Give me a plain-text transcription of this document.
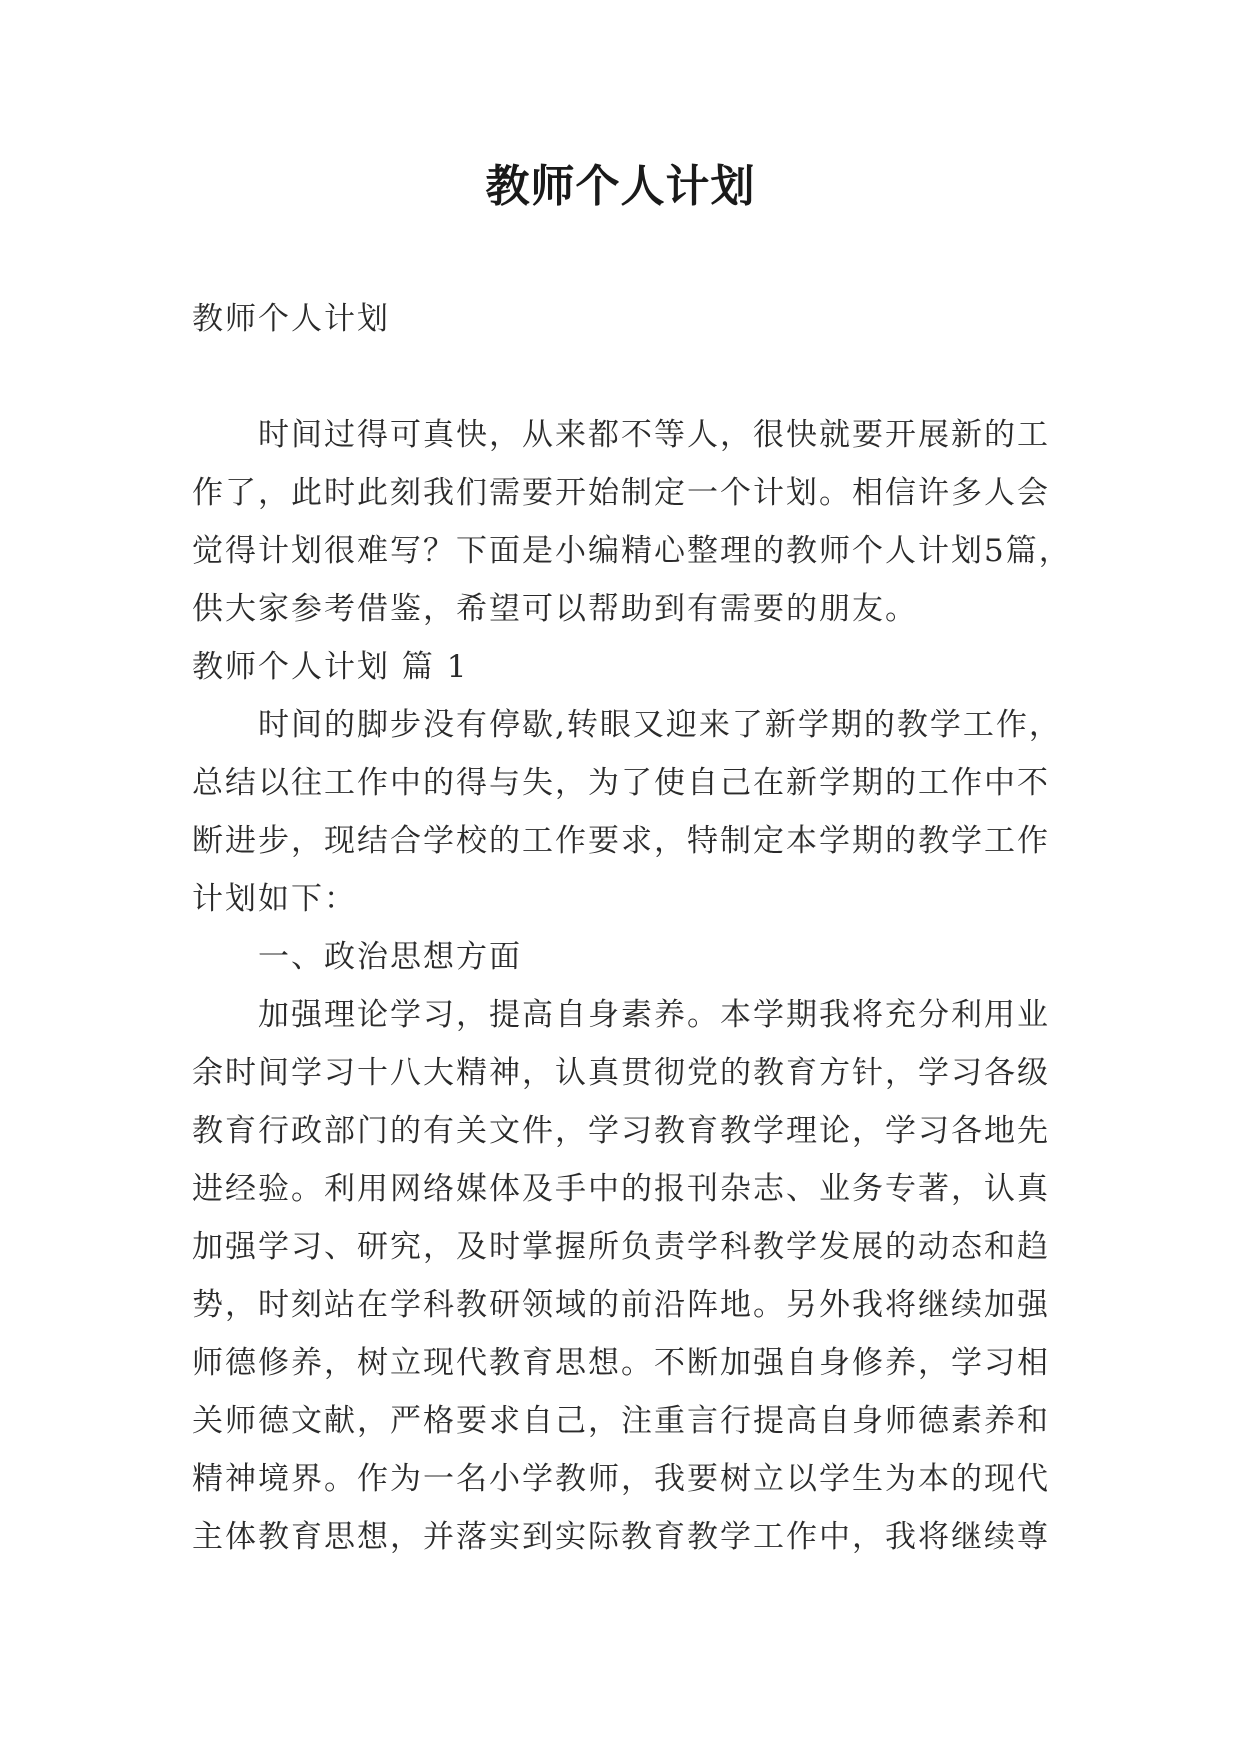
教师个人计划
教师个人计划
时间过得可真快，从来都不等人，很快就要开展新的工
作了，此时此刻我们需要开始制定一个计划。相信许多人会
觉得计划很难写？下面是小编精心整理的教师个人计划5篇，
供大家参考借鉴，希望可以帮助到有需要的朋友。
教师个人计划 篇 1
时间的脚步没有停歇,转眼又迎来了新学期的教学工作，
总结以往工作中的得与失，为了使自己在新学期的工作中不
断进步，现结合学校的工作要求，特制定本学期的教学工作
计划如下：
一、政治思想方面
加强理论学习，提高自身素养。本学期我将充分利用业
余时间学习十八大精神，认真贯彻党的教育方针，学习各级
教育行政部门的有关文件，学习教育教学理论，学习各地先
进经验。利用网络媒体及手中的报刊杂志、业务专著，认真
加强学习、研究，及时掌握所负责学科教学发展的动态和趋
势，时刻站在学科教研领域的前沿阵地。另外我将继续加强
师德修养，树立现代教育思想。不断加强自身修养，学习相
关师德文献，严格要求自己，注重言行提高自身师德素养和
精神境界。作为一名小学教师，我要树立以学生为本的现代
主体教育思想，并落实到实际教育教学工作中，我将继续尊
